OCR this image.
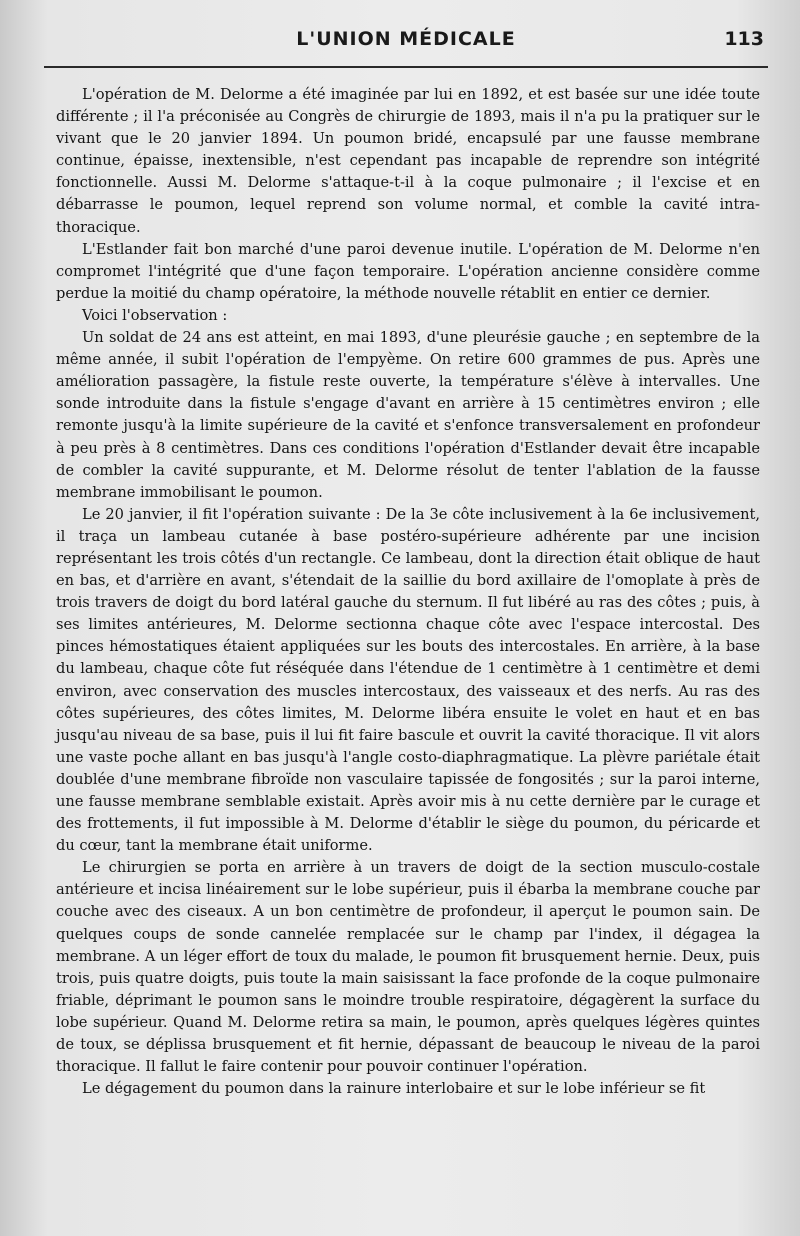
L'UNION MÉDICALE	113

L'opération de M. Delorme a été imaginée par lui en 1892, et est basée sur une idée toute différente ; il l'a préconisée au Congrès de chirurgie de 1893, mais il n'a pu la pratiquer sur le vivant que le 20 janvier 1894. Un poumon bridé, encapsulé par une fausse membrane continue, épaisse, inextensible, n'est cependant pas incapable de reprendre son intégrité fonctionnelle. Aussi M. Delorme s'attaque-t-il à la coque pulmonaire ; il l'excise et en débarrasse le poumon, lequel reprend son volume normal, et comble la cavité intra-thoracique.

L'Estlander fait bon marché d'une paroi devenue inutile. L'opération de M. Delorme n'en compromet l'intégrité que d'une façon temporaire. L'opération ancienne considère comme perdue la moitié du champ opératoire, la méthode nouvelle rétablit en entier ce dernier.

Voici l'observation :

Un soldat de 24 ans est atteint, en mai 1893, d'une pleurésie gauche ; en septembre de la même année, il subit l'opération de l'empyème. On retire 600 grammes de pus. Après une amélioration passagère, la fistule reste ouverte, la température s'élève à intervalles. Une sonde introduite dans la fistule s'engage d'avant en arrière à 15 centimètres environ ; elle remonte jusqu'à la limite supérieure de la cavité et s'enfonce transversalement en profondeur à peu près à 8 centimètres. Dans ces conditions l'opération d'Estlander devait être incapable de combler la cavité suppurante, et M. Delorme résolut de tenter l'ablation de la fausse membrane immobilisant le poumon.

Le 20 janvier, il fit l'opération suivante : De la 3e côte inclusivement à la 6e inclusivement, il traça un lambeau cutanée à base postéro-supérieure adhérente par une incision représentant les trois côtés d'un rectangle. Ce lambeau, dont la direction était oblique de haut en bas, et d'arrière en avant, s'étendait de la saillie du bord axillaire de l'omoplate à près de trois travers de doigt du bord latéral gauche du sternum. Il fut libéré au ras des côtes ; puis, à ses limites antérieures, M. Delorme sectionna chaque côte avec l'espace intercostal. Des pinces hémostatiques étaient appliquées sur les bouts des intercostales. En arrière, à la base du lambeau, chaque côte fut réséquée dans l'étendue de 1 centimètre à 1 centimètre et demi environ, avec conservation des muscles intercostaux, des vaisseaux et des nerfs. Au ras des côtes supérieures, des côtes limites, M. Delorme libéra ensuite le volet en haut et en bas jusqu'au niveau de sa base, puis il lui fit faire bascule et ouvrit la cavité thoracique. Il vit alors une vaste poche allant en bas jusqu'à l'angle costo-diaphragmatique. La plèvre pariétale était doublée d'une membrane fibroïde non vasculaire tapissée de fongosités ; sur la paroi interne, une fausse membrane semblable existait. Après avoir mis à nu cette dernière par le curage et des frottements, il fut impossible à M. Delorme d'établir le siège du poumon, du péricarde et du cœur, tant la membrane était uniforme.

Le chirurgien se porta en arrière à un travers de doigt de la section musculo-costale antérieure et incisa linéairement sur le lobe supérieur, puis il ébarba la membrane couche par couche avec des ciseaux. A un bon centimètre de profondeur, il aperçut le poumon sain. De quelques coups de sonde cannelée remplacée sur le champ par l'index, il dégagea la membrane. A un léger effort de toux du malade, le poumon fit brusquement hernie. Deux, puis trois, puis quatre doigts, puis toute la main saisissant la face profonde de la coque pulmonaire friable, déprimant le poumon sans le moindre trouble respiratoire, dégagèrent la surface du lobe supérieur. Quand M. Delorme retira sa main, le poumon, après quelques légères quintes de toux, se déplissa brusquement et fit hernie, dépassant de beaucoup le niveau de la paroi thoracique. Il fallut le faire contenir pour pouvoir continuer l'opération.

Le dégagement du poumon dans la rainure interlobaire et sur le lobe inférieur se fit
